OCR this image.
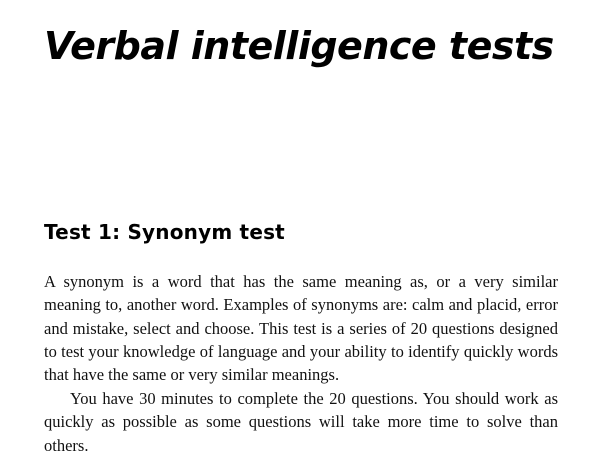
Verbal intelligence tests
Test 1: Synonym test

A synonym is a word that has the same meaning as, or a very similar meaning to, another word. Examples of synonyms are: calm and placid, error and mistake, select and choose. This test is a series of 20 questions designed to test your knowledge of language and your ability to identify quickly words that have the same or very similar meanings.

You have 30 minutes to complete the 20 questions. You should work as quickly as possible as some questions will take more time to solve than others.
